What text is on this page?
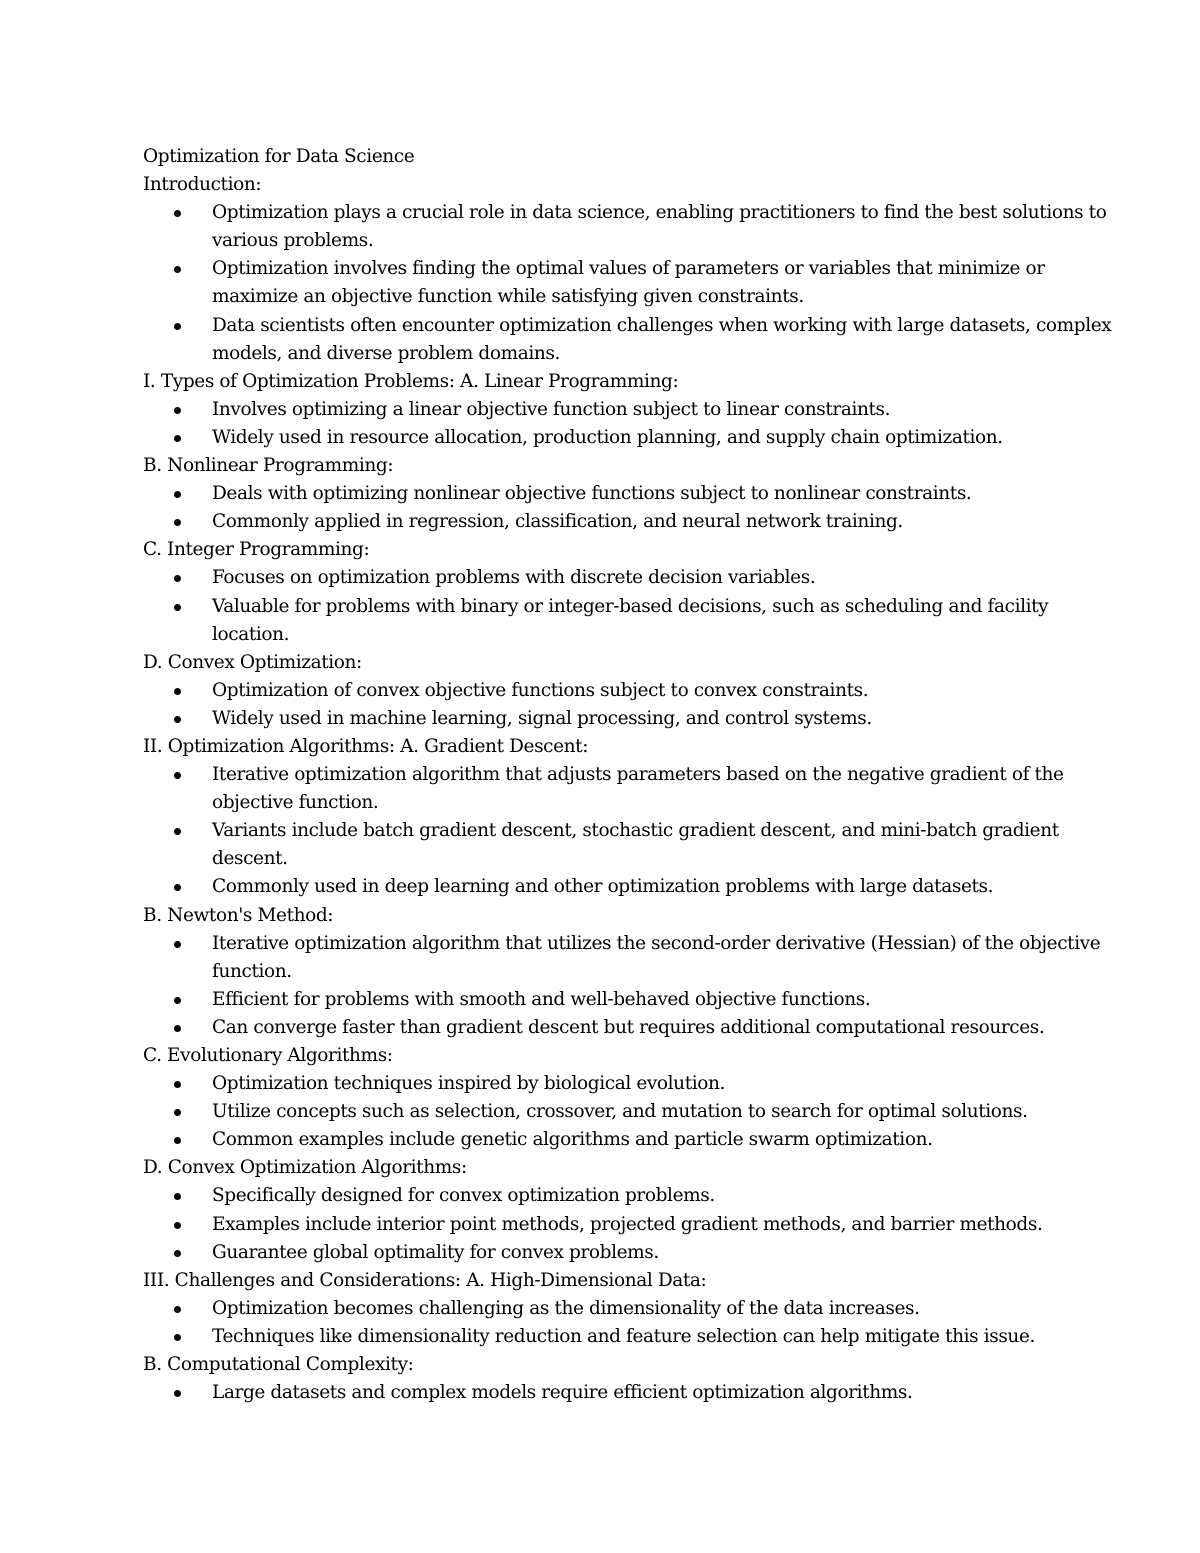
Optimization for Data Science
Introduction:
Optimization plays a crucial role in data science, enabling practitioners to find the best solutions to various problems.
Optimization involves finding the optimal values of parameters or variables that minimize or maximize an objective function while satisfying given constraints.
Data scientists often encounter optimization challenges when working with large datasets, complex models, and diverse problem domains.
I. Types of Optimization Problems: A. Linear Programming:
Involves optimizing a linear objective function subject to linear constraints.
Widely used in resource allocation, production planning, and supply chain optimization.
B. Nonlinear Programming:
Deals with optimizing nonlinear objective functions subject to nonlinear constraints.
Commonly applied in regression, classification, and neural network training.
C. Integer Programming:
Focuses on optimization problems with discrete decision variables.
Valuable for problems with binary or integer-based decisions, such as scheduling and facility location.
D. Convex Optimization:
Optimization of convex objective functions subject to convex constraints.
Widely used in machine learning, signal processing, and control systems.
II. Optimization Algorithms: A. Gradient Descent:
Iterative optimization algorithm that adjusts parameters based on the negative gradient of the objective function.
Variants include batch gradient descent, stochastic gradient descent, and mini-batch gradient descent.
Commonly used in deep learning and other optimization problems with large datasets.
B. Newton's Method:
Iterative optimization algorithm that utilizes the second-order derivative (Hessian) of the objective function.
Efficient for problems with smooth and well-behaved objective functions.
Can converge faster than gradient descent but requires additional computational resources.
C. Evolutionary Algorithms:
Optimization techniques inspired by biological evolution.
Utilize concepts such as selection, crossover, and mutation to search for optimal solutions.
Common examples include genetic algorithms and particle swarm optimization.
D. Convex Optimization Algorithms:
Specifically designed for convex optimization problems.
Examples include interior point methods, projected gradient methods, and barrier methods.
Guarantee global optimality for convex problems.
III. Challenges and Considerations: A. High-Dimensional Data:
Optimization becomes challenging as the dimensionality of the data increases.
Techniques like dimensionality reduction and feature selection can help mitigate this issue.
B. Computational Complexity:
Large datasets and complex models require efficient optimization algorithms.
